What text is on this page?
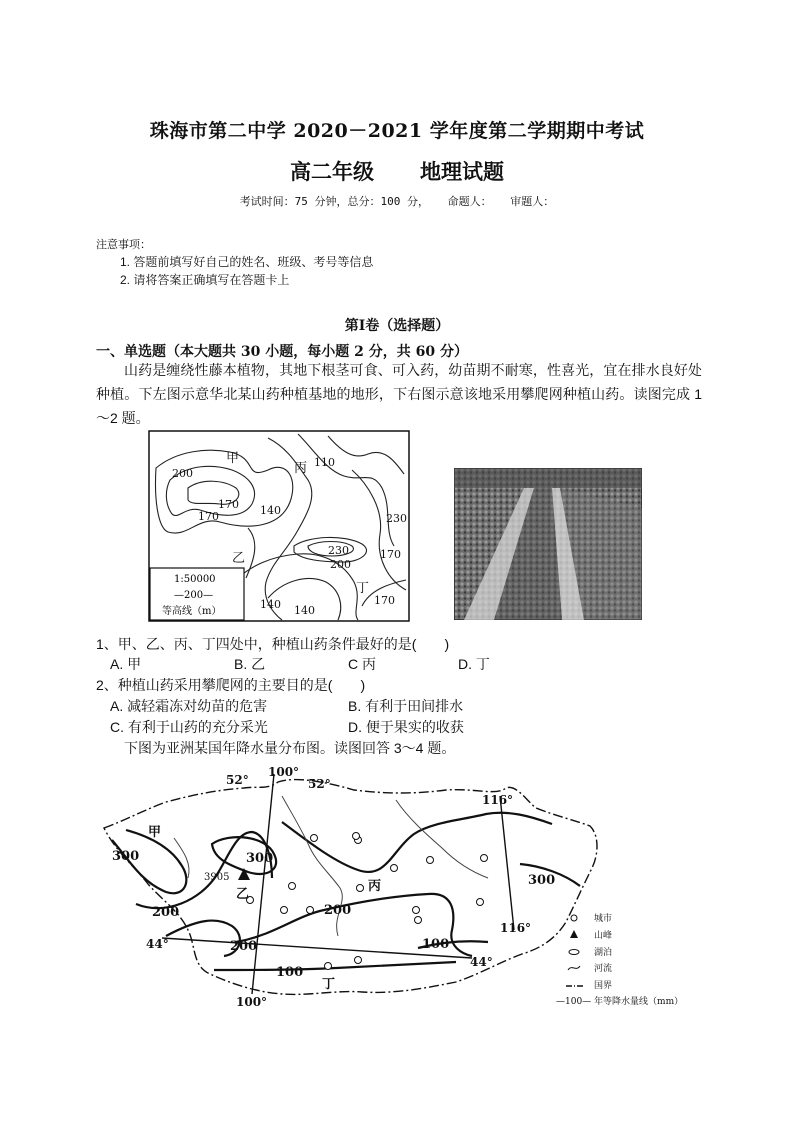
珠海市第二中学 2020－2021 学年度第二学期期中考试
高二年级 地理试题
考试时间：75 分钟，总分：100 分， 命题人： 审题人：
注意事项：
1. 答题前填写好自己的姓名、班级、考号等信息
2. 请将答案正确填写在答题卡上
第Ⅰ卷（选择题）
一、单选题（本大题共 30 小题，每小题 2 分，共 60 分）
山药是缠绕性藤本植物，其地下根茎可食、可入药，幼苗期不耐寒，性喜光，宜在排水良好处种植。下左图示意华北某山药种植基地的地形，下右图示意该地采用攀爬网种植山药。读图完成 1～2 题。
200
170
170	140
110
230
230
200
170
140 140
170
甲
乙
丙
丁
1:50000
—200—
等高线（m）
1、甲、乙、丙、丁四处中，种植山药条件最好的是(　　)
A. 甲	B. 乙	C 丙	D. 丁
2、种植山药采用攀爬网的主要目的是(　　)
A. 减轻霜冻对幼苗的危害	B. 有利于田间排水
C. 有利于山药的充分采光	D. 便于果实的收获
下图为亚洲某国年降水量分布图。读图回答 3～4 题。
52°
100°
52°
116°
116°
44°
44°
100°
甲
乙
丙
丁
3905
300	300
200	200
200
100
100
300
城市
山峰
湖泊
河流
国界
—100— 年等降水量线（mm）
